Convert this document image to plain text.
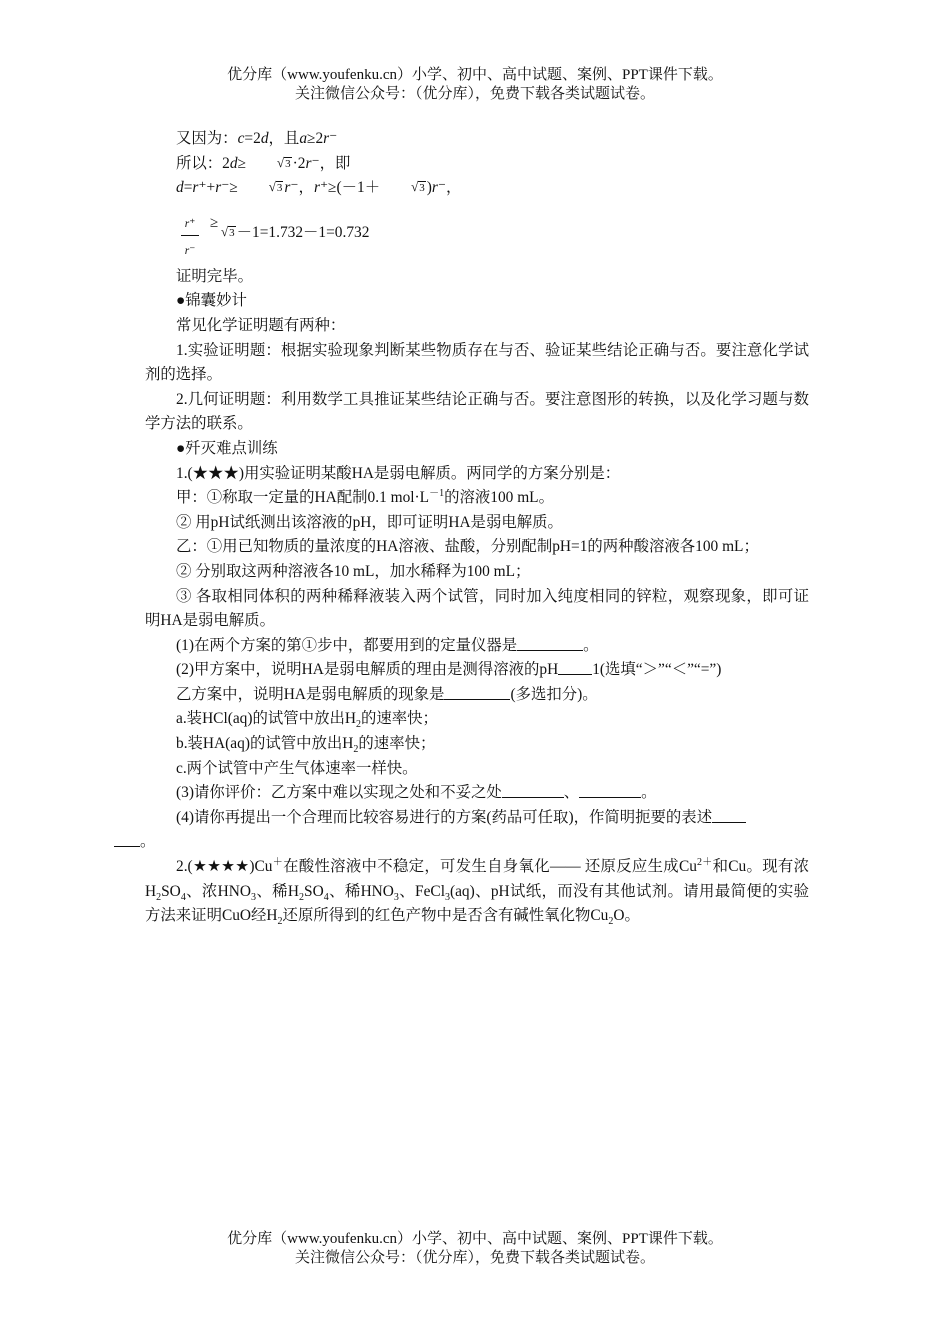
优分库（www.youfenku.cn）小学、初中、高中试题、案例、PPT课件下载。
关注微信公众号：（优分库），免费下载各类试题试卷。

又因为：c=2d，且a≥2r⁻

所以：2d≥ √3 ·2r⁻，即

d=r⁺+r⁻≥ √3 r⁻，r⁺≥(－1＋ √3 )r⁻，

$\frac{r^+}{r^-}$ ≥
√3 －1=1.732－1=0.732

证明完毕。

●锦囊妙计

常见化学证明题有两种：

1.实验证明题：根据实验现象判断某些物质存在与否、验证某些结论正确与否。要注意化学试剂的选择。

2.几何证明题：利用数学工具推证某些结论正确与否。要注意图形的转换，以及化学习题与数学方法的联系。

●歼灭难点训练

1.(★★★)用实验证明某酸HA是弱电解质。两同学的方案分别是：

甲：①称取一定量的HA配制0.1 $mol\cdot L^{-1}$的溶液100 mL。

② 用pH试纸测出该溶液的pH，即可证明HA是弱电解质。

乙：①用已知物质的量浓度的HA溶液、盐酸，分别配制pH=1的两种酸溶液各100 mL；

② 分别取这两种溶液各10 mL，加水稀释为100 mL；

③ 各取相同体积的两种稀释液装入两个试管，同时加入纯度相同的锌粒，观察现象，即可证明HA是弱电解质。

(1)在两个方案的第①步中，都要用到的定量仪器是	。

(2)甲方案中，说明HA是弱电解质的理由是测得溶液的pH 1(选填“＞”“＜”“=”)

乙方案中，说明HA是弱电解质的现象是	(多选扣分)。

a.装HCl(aq)的试管中放出$H_2$的速率快；

b.装HA(aq)的试管中放出$H_2$的速率快；

c.两个试管中产生气体速率一样快。

(3)请你评价：乙方案中难以实现之处和不妥之处	、	。

(4)请你再提出一个合理而比较容易进行的方案(药品可任取)，作简明扼要的表述
。

2.(★★★★)Cu＋在酸性溶液中不稳定，可发生自身氧化—— 还原反应生成$Cu^{2+}$和Cu。现有浓$H_2SO_4$、浓$HNO_3$、稀$H_2SO_4$、稀$HNO_3$、FeCl$_3$(aq)、pH试纸，而没有其他试剂。请用最简便的实验方法来证明CuO经$H_2$还原所得到的红色产物中是否含有碱性氧化物$Cu_2O$。

优分库（www.youfenku.cn）小学、初中、高中试题、案例、PPT课件下载。
关注微信公众号：（优分库），免费下载各类试题试卷。
